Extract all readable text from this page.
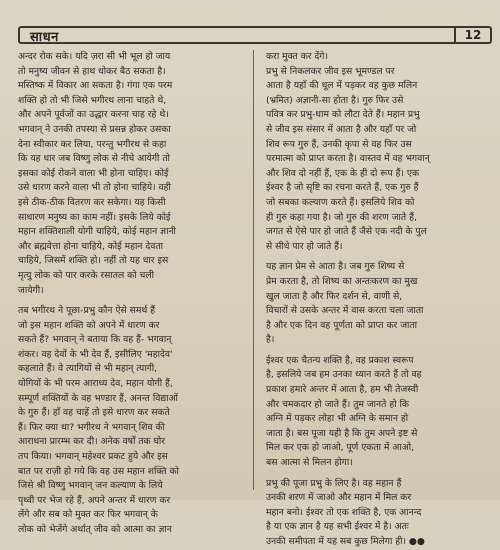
साधन	12
अन्दर रोक सके। यदि ज़रा सी भी भूल हो जाय
तो मनुष्य जीवन से हाथ धोकर बैठ सकता है।
मस्तिष्क में विकार आ सकता है। गंगा एक परम
शक्ति हो तो भी जिसे भगीरथ लाना चाहते थे,
और अपने पूर्वजों का उद्धार करना चाह रहे थे।
भगवान् ने उनकी तपस्या से प्रसन्न होकर उसका
देना स्वीकार कर लिया, परन्तु भगीरथ से कहा
कि यह धार जब विष्णु लोक से नीचे आयेगी तो
इसका कोई रोकने वाला भी होना चाहिए। कोई
उसे धारण करने वाला भी तो होना चाहिये। वही
इसे ठीक-ठीक वितरण कर सकेगा। यह किसी
साधारण मनुष्य का काम नहीं। इसके लिये कोई
महान शक्तिशाली योगी चाहिये, कोई महान ज्ञानी
और ब्रह्मवेत्ता होना चाहिये, कोई महान देवता
चाहिये, जिसमें शक्ति हो। नहीं तो यह धार इस
मृत्यु लोक को पार करके रसातल को चली
जायेगी।
तब भगीरथ ने पूछा-प्रभु कौन ऐसे समर्थ हैं
जो इस महान शक्ति को अपने में धारण कर
सकते हैं? भगवान् ने बताया कि वह हैं- भगवान्
शंकर। वह देवों के भी देव हैं, इसीलिए 'महादेव'
कहलाते हैं। वे त्यागियों से भी महान् त्यागी,
योगियों के भी परम आराध्य देव, महान योगी हैं,
सम्पूर्ण शक्तियों के वह भण्डार हैं, अनन्त विद्याओं
के गुरु हैं। हाँ वह चाहें तो इसे धारण कर सकते
हैं। फिर क्या था? भगीरथ ने भगवान् शिव की
आराधना प्रारम्भ कर दी। अनेक वर्षों तक घोर
तप किया। भगवान् महेश्वर प्रकट हुये और इस
बात पर राज़ी हो गये कि वह उस महान शक्ति को
जिसे श्री विष्णु भगवान् जन कल्याण के लिये
पृथ्वी पर भेज रहे हैं, अपने अन्तर में धारण कर
लेंगे और सब को मुक्त कर फिर भगवान् के
लोक को भेजेंगे अर्थात् जीव को आत्मा का ज्ञान
करा मुक्त कर देंगे।
प्रभु से निकलकर जीव इस भूमण्डल पर
आता है यहाँ की धूल में पड़कर वह कुछ मलिन
(भ्रमित) अज्ञानी-सा होता है। गुरु फिर उसे
पवित्र कर प्रभु-धाम को लौटा देते हैं। महान प्रभु
से जीव इस संसार में आता है और यहाँ पर जो
शिव रूप गुरु हैं, उनकी कृपा से वह फिर उस
परमात्मा को प्राप्त करता है। वास्तव में वह भगवान्
और शिव दो नहीं हैं, एक के ही दो रूप हैं। एक
ईश्वर है जो सृष्टि का रचना करते हैं, एक गुरु हैं
जो सबका कल्याण करते हैं। इसलिये शिव को
ही गुरु कहा गया है। जो गुरु की शरण जाते हैं,
जगत से ऐसे पार हो जाते हैं जैसे एक नदी के पुल
से सीधे पार हो जाते हैं।
यह ज्ञान प्रेम से आता है। जब गुरु शिष्य से
प्रेम करता है, तो शिष्य का अन्तःकरण का मुख
खुल जाता है और फिर दर्शन से, वाणी से,
विचारों से उसके अन्तर में वास करता चला जाता
है और एक दिन वह पूर्णता को प्राप्त कर जाता
है।
ईश्वर एक चैतन्य शक्ति है, वह प्रकाश स्वरूप
है, इसलिये जब हम उनका ध्यान करते हैं तो वह
प्रकाश हमारे अन्तर में आता है, हम भी तेजस्वी
और चमकदार हो जाते हैं। तुम जानते हो कि
अग्नि में पड़कर लोहा भी अग्नि के समान हो
जाता है। बस पूजा यही है कि तुम अपने इष्ट से
मिल कर एक हो जाओ, पूर्ण एकता में आओ,
बस आत्मा से मिलन होगा।
प्रभु की पूजा प्रभु के लिए है। वह महान हैं
उनकी शरण में जाओ और महान में मिल कर
महान बनो। ईश्वर तो एक शक्ति है, एक आनन्द
है या एक ज्ञान है यह सभी ईश्वर में है। अतः
उनकी समीपता में यह सब कुछ मिलेगा ही। ●●
